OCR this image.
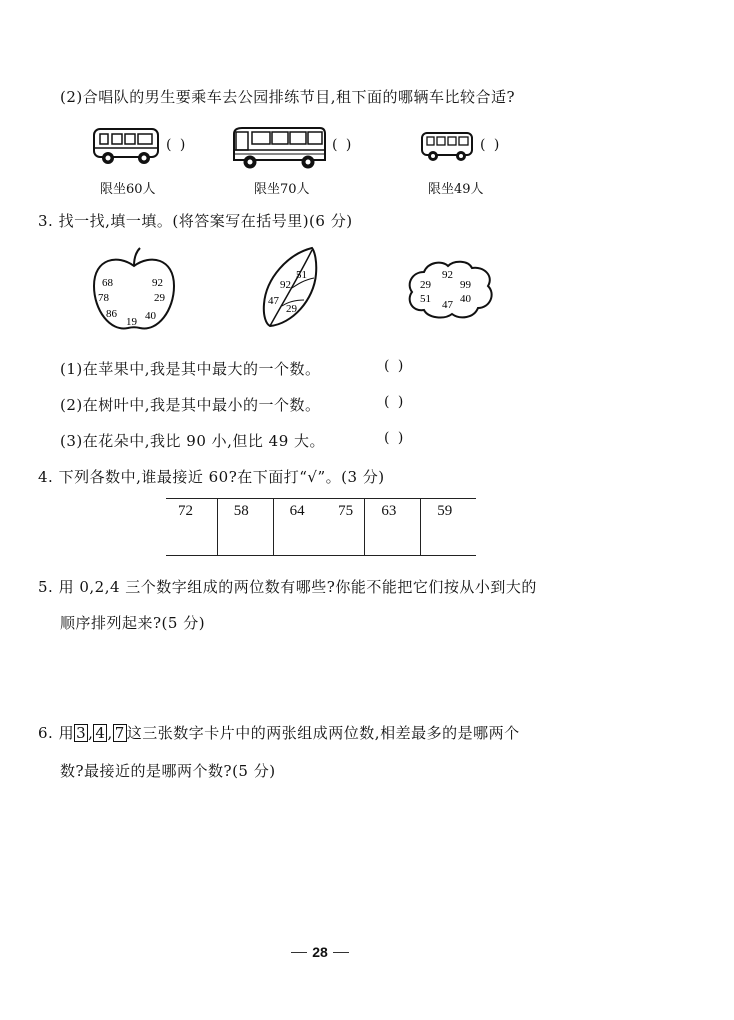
(2)合唱队的男生要乘车去公园排练节目,租下面的哪辆车比较合适?
( )
限坐60人
( )
限坐70人
( )
限坐49人
3. 找一找,填一填。(将答案写在括号里)(6 分)
68	92
78	29
86	40
19
51
92
47
29
92
29	99
51	40
47
(1)在苹果中,我是其中最大的一个数。	( )
(2)在树叶中,我是其中最小的一个数。	( )
(3)在花朵中,我比 90 小,但比 49 大。	( )
4. 下列各数中,谁最接近 60?在下面打“√”。(3 分)
72	58	64 75	63	59
5. 用 0,2,4 三个数字组成的两位数有哪些?你能不能把它们按从小到大的
顺序排列起来?(5 分)
6. 用 3 , 4 , 7 这三张数字卡片中的两张组成两位数,相差最多的是哪两个
数?最接近的是哪两个数?(5 分)
28
